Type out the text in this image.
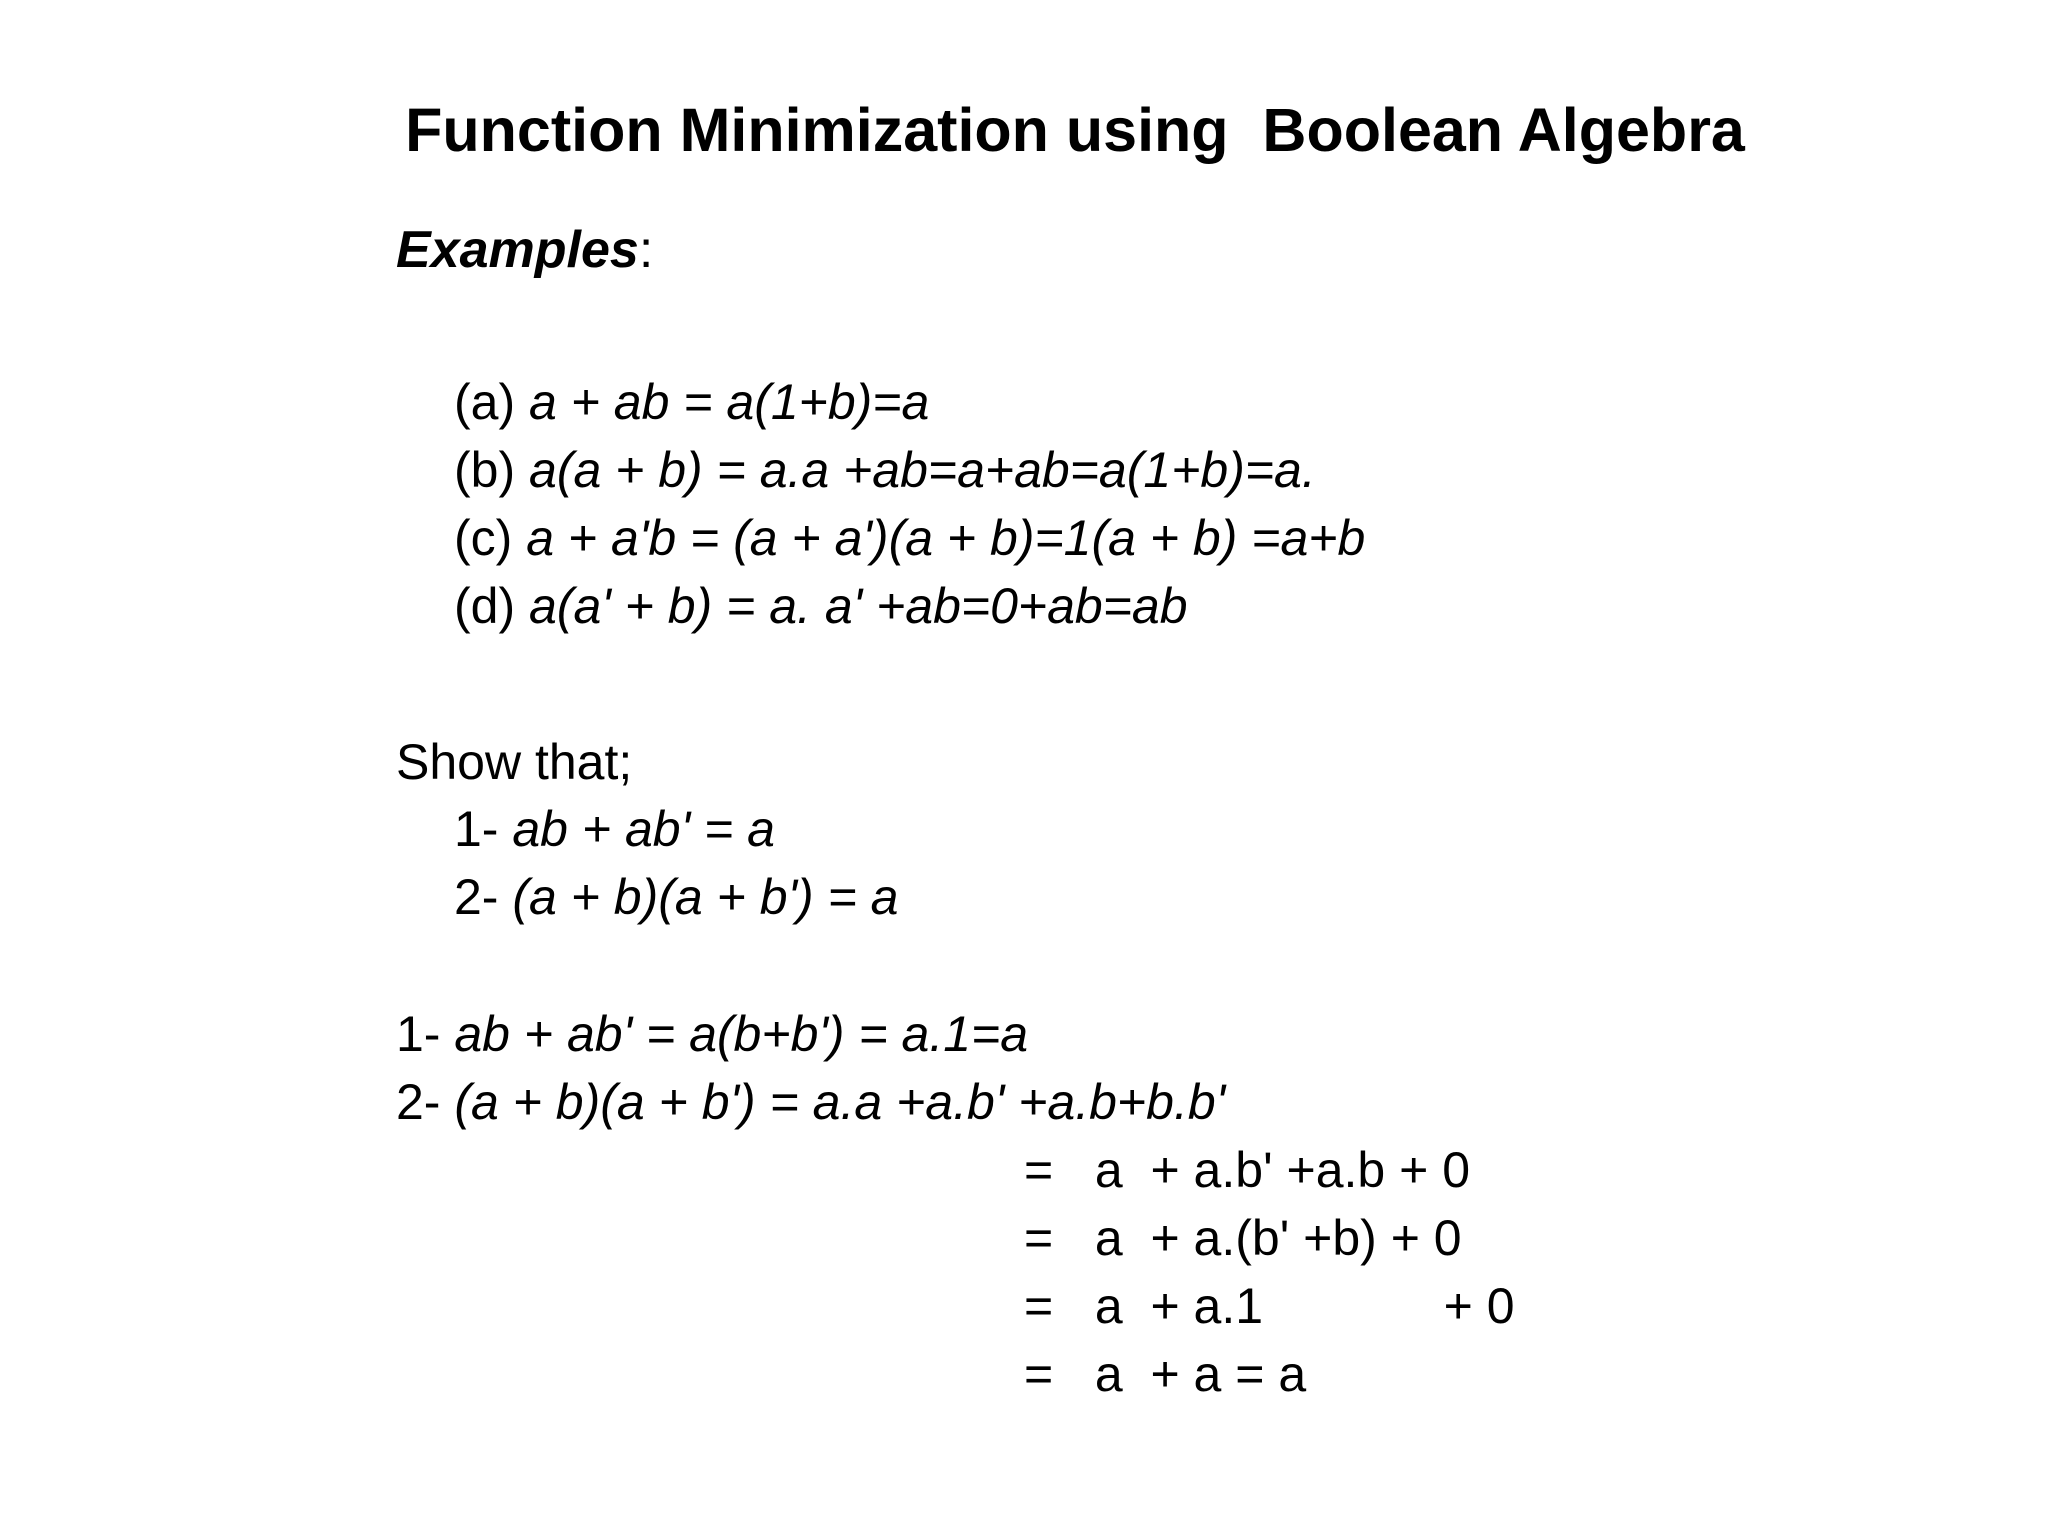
Function Minimization using  Boolean Algebra
Examples:
(a) a + ab = a(1+b)=a
(b) a(a + b) = a.a +ab=a+ab=a(1+b)=a.
(c) a + a'b = (a + a')(a + b)=1(a + b) =a+b
(d) a(a' + b) = a. a' +ab=0+ab=ab
Show that;
1- ab + ab' = a
2- (a + b)(a + b') = a
1- ab + ab' = a(b+b') = a.1=a
2- (a + b)(a + b') = a.a +a.b' +a.b+b.b'
=   a  + a.b' +a.b + 0
=   a  + a.(b' +b) + 0
=   a  + a.1             + 0
=   a  + a = a
